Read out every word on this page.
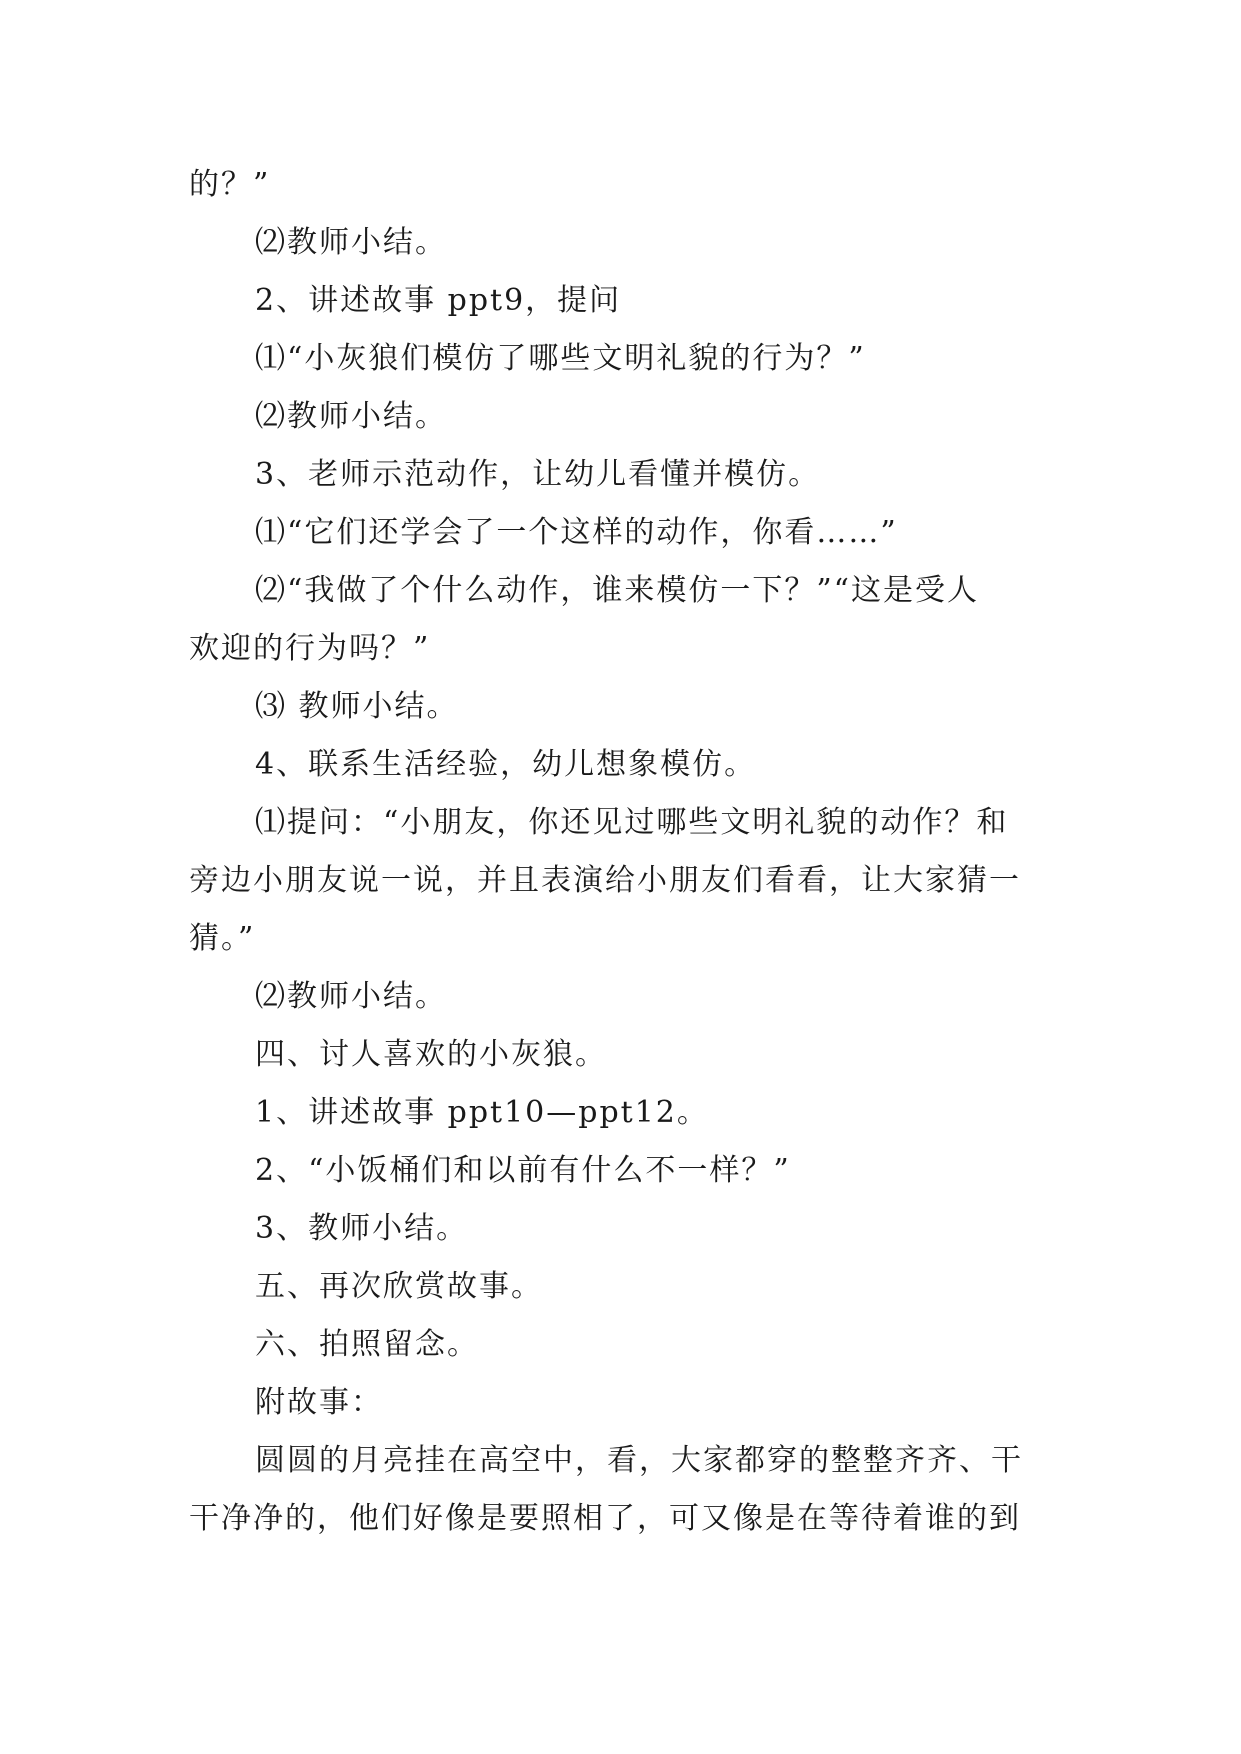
的？”
⑵教师小结。
2、讲述故事 ppt9，提问
⑴“小灰狼们模仿了哪些文明礼貌的行为？”
⑵教师小结。
3、老师示范动作，让幼儿看懂并模仿。
⑴“它们还学会了一个这样的动作，你看……”
⑵“我做了个什么动作，谁来模仿一下？”“这是受人
欢迎的行为吗？”
⑶ 教师小结。
4、联系生活经验，幼儿想象模仿。
⑴提问：“小朋友，你还见过哪些文明礼貌的动作？和
旁边小朋友说一说，并且表演给小朋友们看看，让大家猜一
猜。”
⑵教师小结。
四、讨人喜欢的小灰狼。
1、讲述故事 ppt10—ppt12。
2、“小饭桶们和以前有什么不一样？”
3、教师小结。
五、再次欣赏故事。
六、拍照留念。
附故事：
圆圆的月亮挂在高空中，看，大家都穿的整整齐齐、干
干净净的，他们好像是要照相了，可又像是在等待着谁的到
